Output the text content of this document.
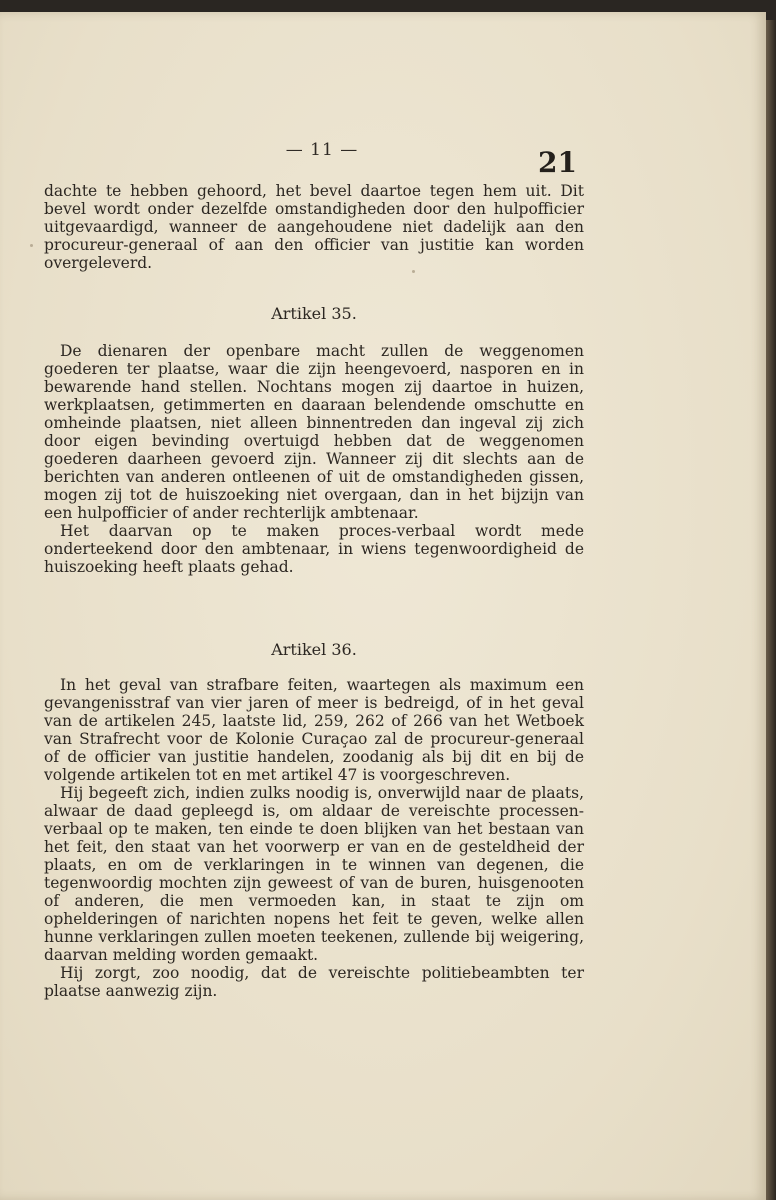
— 11 —	21

dachte te hebben gehoord, het bevel daartoe tegen hem uit. Dit bevel wordt onder dezelfde omstandigheden door den hulpofficier uitgevaardigd, wanneer de aangehoudene niet dadelijk aan den procureur-generaal of aan den officier van justitie kan worden overgeleverd.

Artikel 35.

De dienaren der openbare macht zullen de weggenomen goederen ter plaatse, waar die zijn heengevoerd, nasporen en in bewarende hand stellen. Nochtans mogen zij daartoe in huizen, werkplaatsen, getimmerten en daaraan belendende omschutte en omheinde plaatsen, niet alleen binnentreden dan ingeval zij zich door eigen bevinding overtuigd hebben dat de weggenomen goederen daarheen gevoerd zijn. Wanneer zij dit slechts aan de berichten van anderen ontleenen of uit de omstandigheden gissen, mogen zij tot de huiszoeking niet overgaan, dan in het bijzijn van een hulpofficier of ander rechterlijk ambtenaar.

Het daarvan op te maken proces-verbaal wordt mede onderteekend door den ambtenaar, in wiens tegenwoordigheid de huiszoeking heeft plaats gehad.

Artikel 36.

In het geval van strafbare feiten, waartegen als maximum een gevangenisstraf van vier jaren of meer is bedreigd, of in het geval van de artikelen 245, laatste lid, 259, 262 of 266 van het Wetboek van Strafrecht voor de Kolonie Curaçao zal de procureur-generaal of de officier van justitie handelen, zoodanig als bij dit en bij de volgende artikelen tot en met artikel 47 is voorgeschreven.

Hij begeeft zich, indien zulks noodig is, onverwijld naar de plaats, alwaar de daad gepleegd is, om aldaar de vereischte processen-verbaal op te maken, ten einde te doen blijken van het bestaan van het feit, den staat van het voorwerp er van en de gesteldheid der plaats, en om de verklaringen in te winnen van degenen, die tegenwoordig mochten zijn geweest of van de buren, huisgenooten of anderen, die men vermoeden kan, in staat te zijn om ophelderingen of narichten nopens het feit te geven, welke allen hunne verklaringen zullen moeten teekenen, zullende bij weigering, daarvan melding worden gemaakt.

Hij zorgt, zoo noodig, dat de vereischte politiebeambten ter plaatse aanwezig zijn.
